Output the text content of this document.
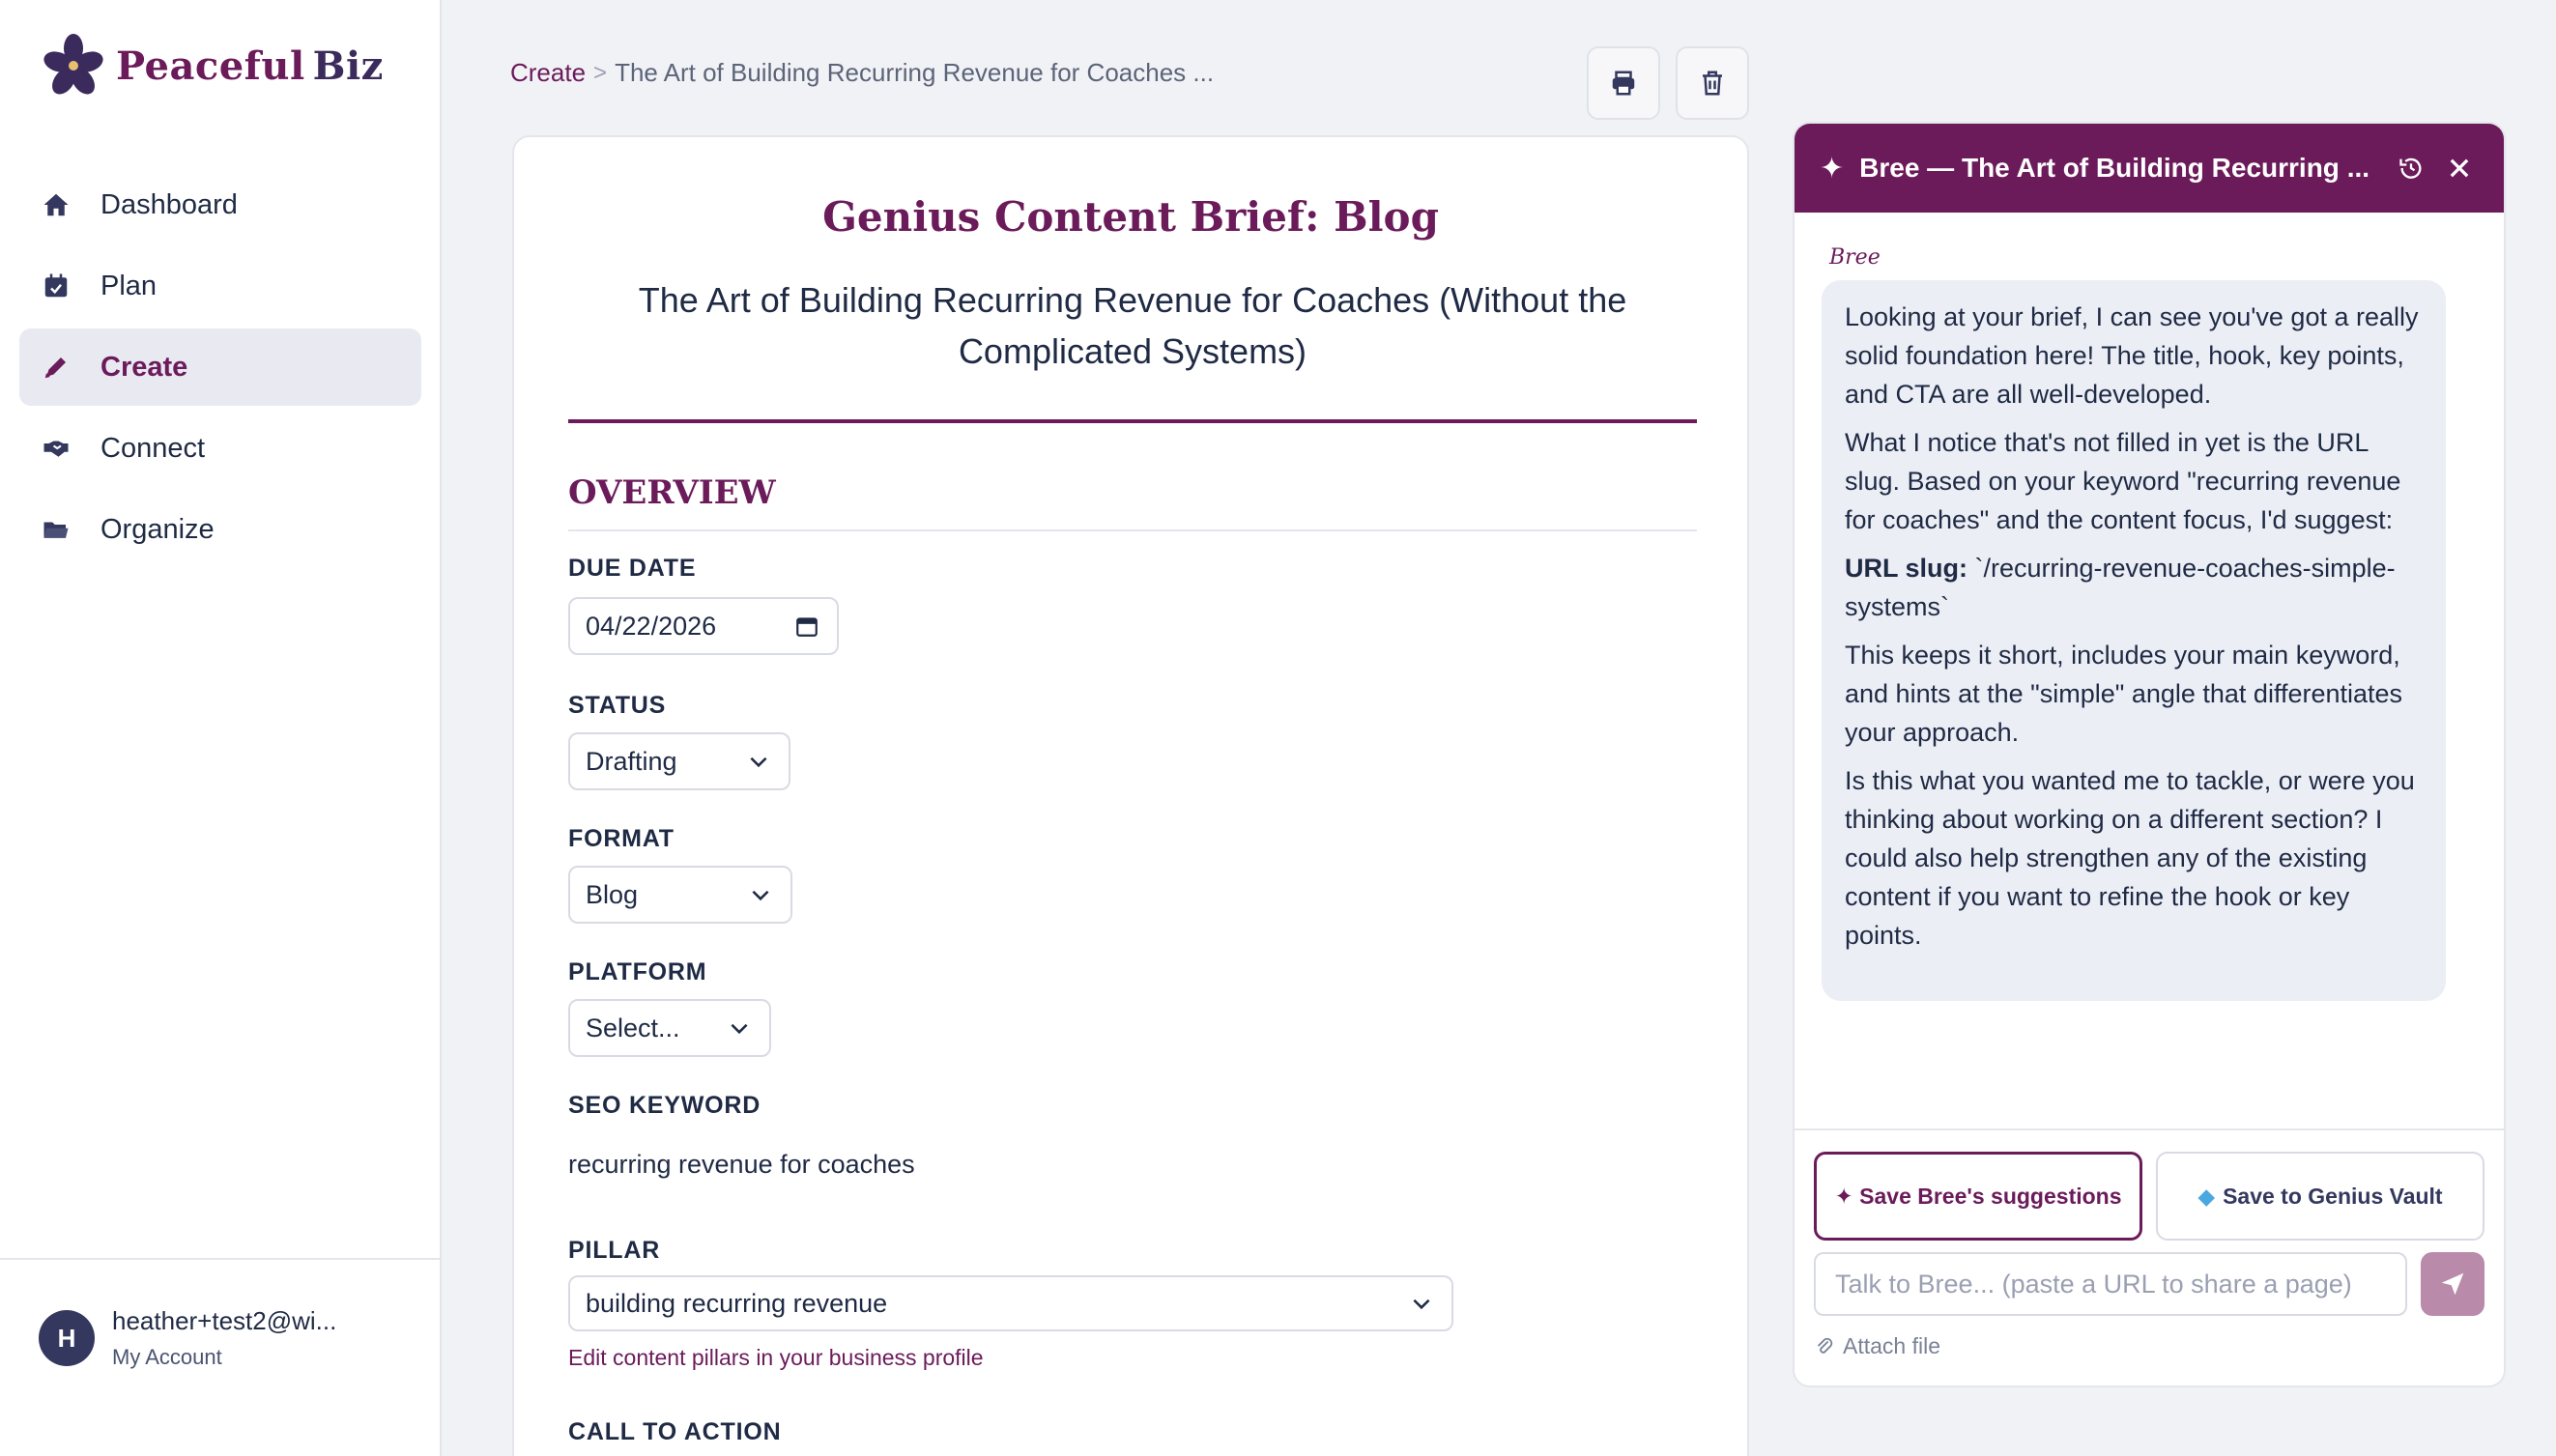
Peaceful Biz
Dashboard
Plan
Create
Connect
Organize
H
heather+test2@wi...
My Account
Create > The Art of Building Recurring Revenue for Coaches ...
Genius Content Brief: Blog
The Art of Building Recurring Revenue for Coaches (Without the Complicated Systems)
OVERVIEW
DUE DATE
04/22/2026
STATUS
Drafting
FORMAT
Blog
PLATFORM
Select...
SEO KEYWORD
recurring revenue for coaches
PILLAR
building recurring revenue
Edit content pillars in your business profile
CALL TO ACTION
✦ Bree — The Art of Building Recurring ...
Bree

Looking at your brief, I can see you've got a really solid foundation here! The title, hook, key points, and CTA are all well-developed.

What I notice that's not filled in yet is the URL slug. Based on your keyword "recurring revenue for coaches" and the content focus, I'd suggest:

URL slug: `/recurring-revenue-coaches-simple-systems`

This keeps it short, includes your main keyword, and hints at the "simple" angle that differentiates your approach.

Is this what you wanted me to tackle, or were you thinking about working on a different section? I could also help strengthen any of the existing content if you want to refine the hook or key points.

✦ Save Bree's suggestions	◆ Save to Genius Vault
Talk to Bree... (paste a URL to share a page)
Attach file
